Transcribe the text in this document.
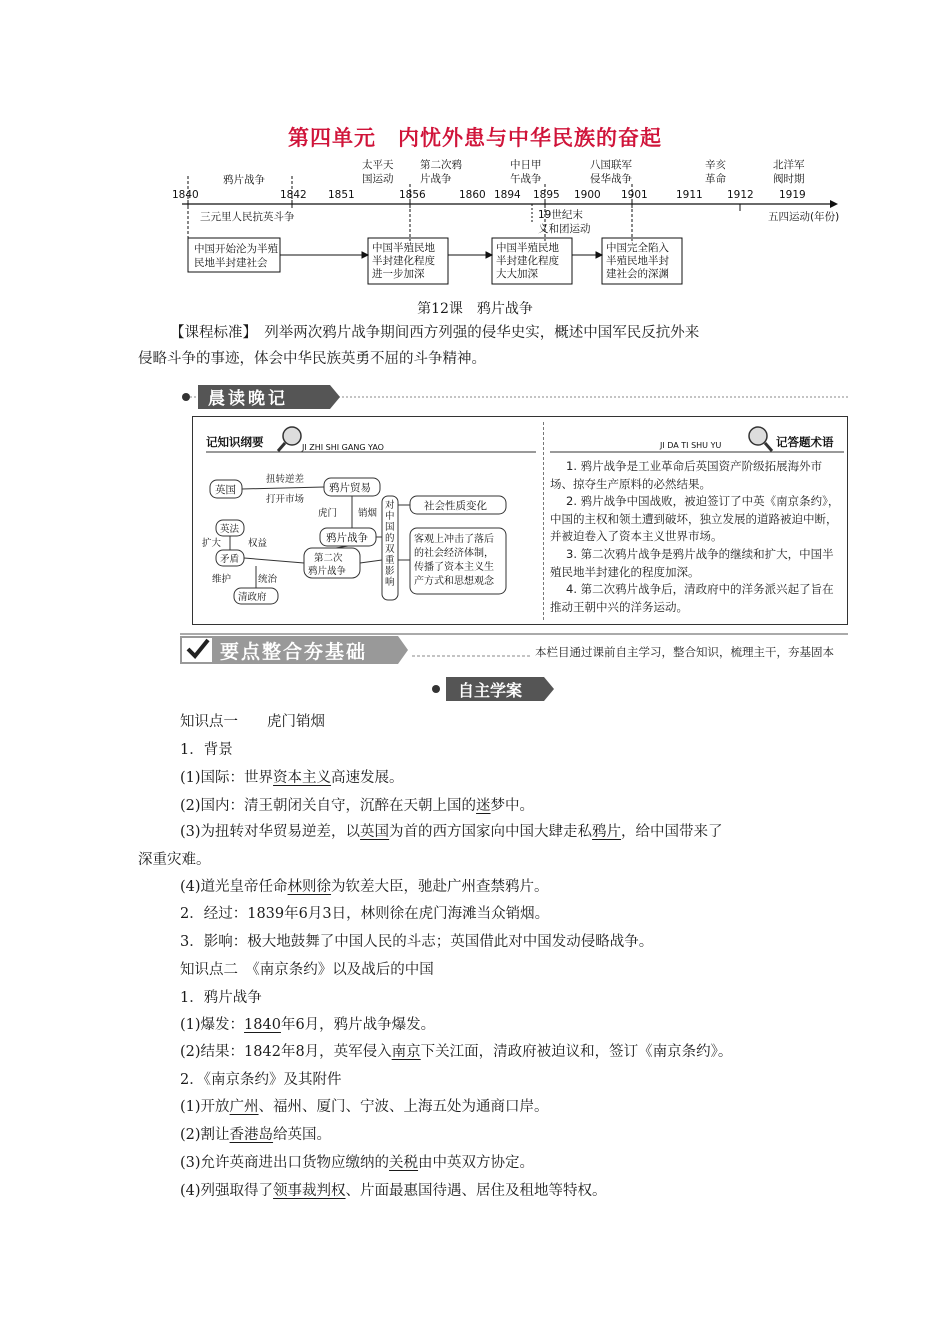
第四单元　内忧外患与中华民族的奋起
1840	1842 1851	1856	1860 1894 1895 1900 1901	1911 1912 1919
鸦片战争
太平天
国运动
第二次鸦
片战争
中日甲
午战争
八国联军
侵华战争
辛亥
革命
北洋军
阀时期
三元里人民抗英斗争	19世纪末
义和团运动
五四运动(年份)
中国开始沦为半殖
民地半封建社会
中国半殖民地
半封建化程度
进一步加深
中国半殖民地
半封建化程度
大大加深
中国完全陷入
半殖民地半封
建社会的深渊
第12课　鸦片战争
【课程标准】　列举两次鸦片战争期间西方列强的侵华史实，概述中国军民反抗外来
侵略斗争的事迹，体会中华民族英勇不屈的斗争精神。
晨读晚记
记知识纲要	JI ZHI SHI GANG YAO
英国
扭转逆差
打开市场
鸦片贸易
虎门 销烟
鸦片战争
英法
扩大	权益
矛盾
维护	统治
清政府
第二次
鸦片战争
对
中
国
的
双
重
影
响
社会性质变化
客观上冲击了落后
的社会经济体制，
传播了资本主义生
产方式和思想观念
JI DA TI SHU YU	记答题术语

1. 鸦片战争是工业革命后英国资产阶级拓展海外市场、掠夺生产原料的必然结果。

2. 鸦片战争中国战败，被迫签订了中英《南京条约》，中国的主权和领土遭到破坏，独立发展的道路被迫中断，并被迫卷入了资本主义世界市场。

3. 第二次鸦片战争是鸦片战争的继续和扩大，中国半殖民地半封建化的程度加深。

4. 第二次鸦片战争后，清政府中的洋务派兴起了旨在推动王朝中兴的洋务运动。

要点整合夯基础	本栏目通过课前自主学习，整合知识，梳理主干，夯基固本
自主学案
知识点一　　虎门销烟
1．背景
(1)国际：世界资本主义高速发展。
(2)国内：清王朝闭关自守，沉醉在天朝上国的迷梦中。
(3)为扭转对华贸易逆差，以英国为首的西方国家向中国大肆走私鸦片，给中国带来了
深重灾难。
(4)道光皇帝任命林则徐为钦差大臣，驰赴广州查禁鸦片。
2．经过：1839年6月3日，林则徐在虎门海滩当众销烟。
3．影响：极大地鼓舞了中国人民的斗志；英国借此对中国发动侵略战争。
知识点二　《南京条约》以及战后的中国
1．鸦片战争
(1)爆发：1840年6月，鸦片战争爆发。
(2)结果：1842年8月，英军侵入南京下关江面，清政府被迫议和，签订《南京条约》。
2．《南京条约》及其附件
(1)开放广州、福州、厦门、宁波、上海五处为通商口岸。
(2)割让香港岛给英国。
(3)允许英商进出口货物应缴纳的关税由中英双方协定。
(4)列强取得了领事裁判权、片面最惠国待遇、居住及租地等特权。
